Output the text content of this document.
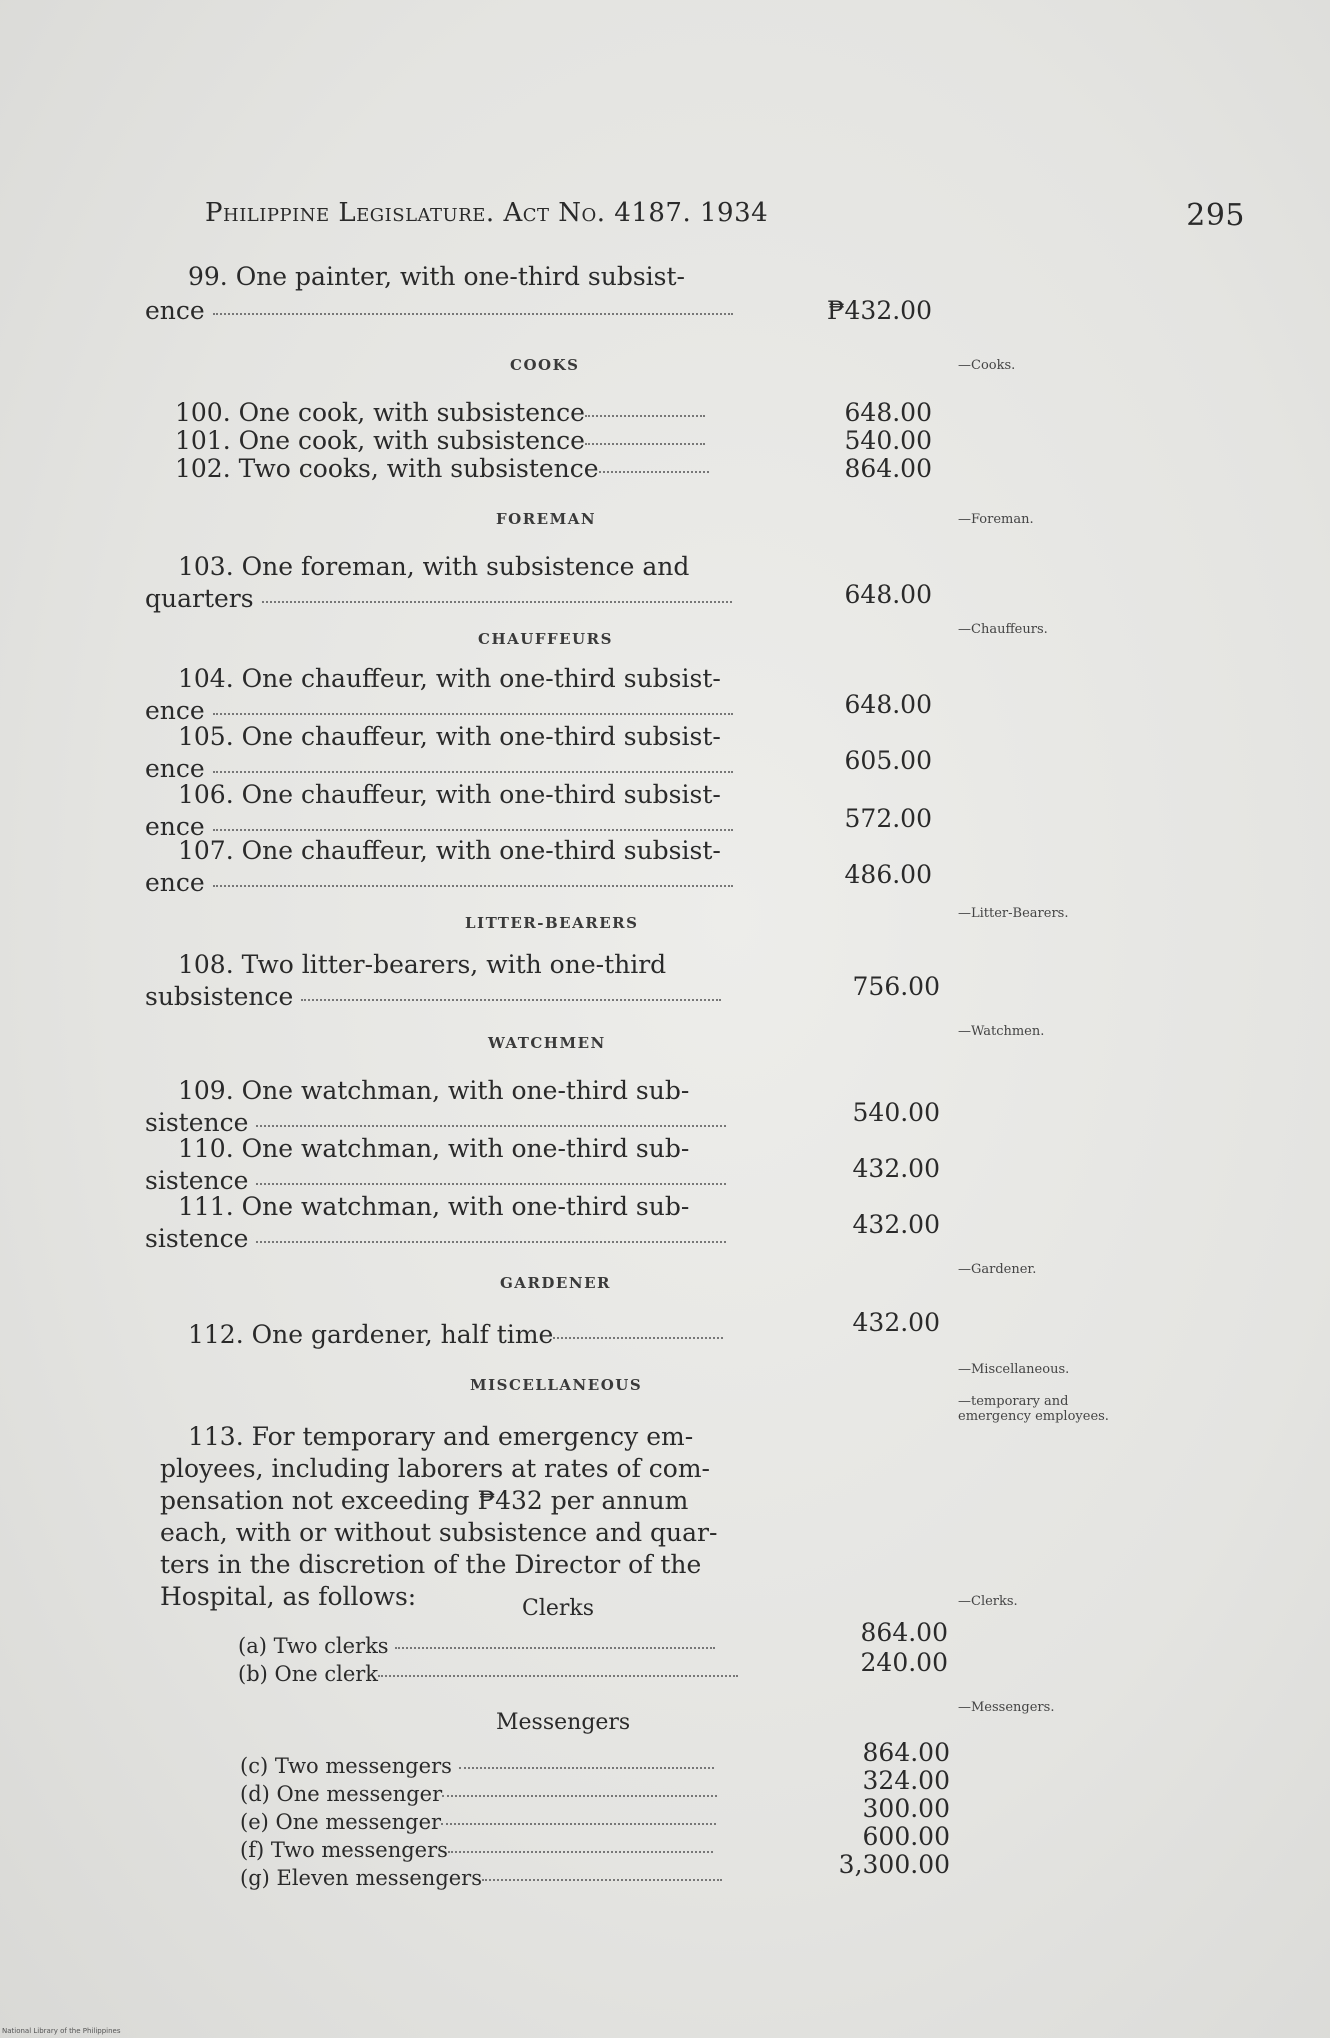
Philippine Legislature. Act No. 4187. 1934	295
99. One painter, with one-third subsist-
ence	₱432.00
COOKS	—Cooks.
100. One cook, with subsistence	648.00
101. One cook, with subsistence	540.00
102. Two cooks, with subsistence	864.00
FOREMAN	—Foreman.
103. One foreman, with subsistence and
quarters	648.00
CHAUFFEURS
—Chauffeurs.
104. One chauffeur, with one-third subsist-
ence	648.00
105. One chauffeur, with one-third subsist-
ence	605.00
106. One chauffeur, with one-third subsist-
ence	572.00
107. One chauffeur, with one-third subsist-
ence	486.00
LITTER-BEARERS
—Litter-Bearers.
108. Two litter-bearers, with one-third
subsistence	756.00
WATCHMEN
—Watchmen.
109. One watchman, with one-third sub-
sistence	540.00
110. One watchman, with one-third sub-
sistence	432.00
111. One watchman, with one-third sub-
sistence	432.00
GARDENER
—Gardener.
112. One gardener, half time	432.00
MISCELLANEOUS
—Miscellaneous.
—temporary and
emergency employees.
113. For temporary and emergency em-
ployees, including laborers at rates of com-
pensation not exceeding ₱432 per annum
each, with or without subsistence and quar-
ters in the discretion of the Director of the
Hospital, as follows:	Clerks	—Clerks.
(a) Two clerks	864.00
(b) One clerk	240.00
Messengers
—Messengers.
(c) Two messengers	864.00
(d) One messenger	324.00
(e) One messenger	300.00
(f) Two messengers	600.00
(g) Eleven messengers	3,300.00
National Library of the Philippines
